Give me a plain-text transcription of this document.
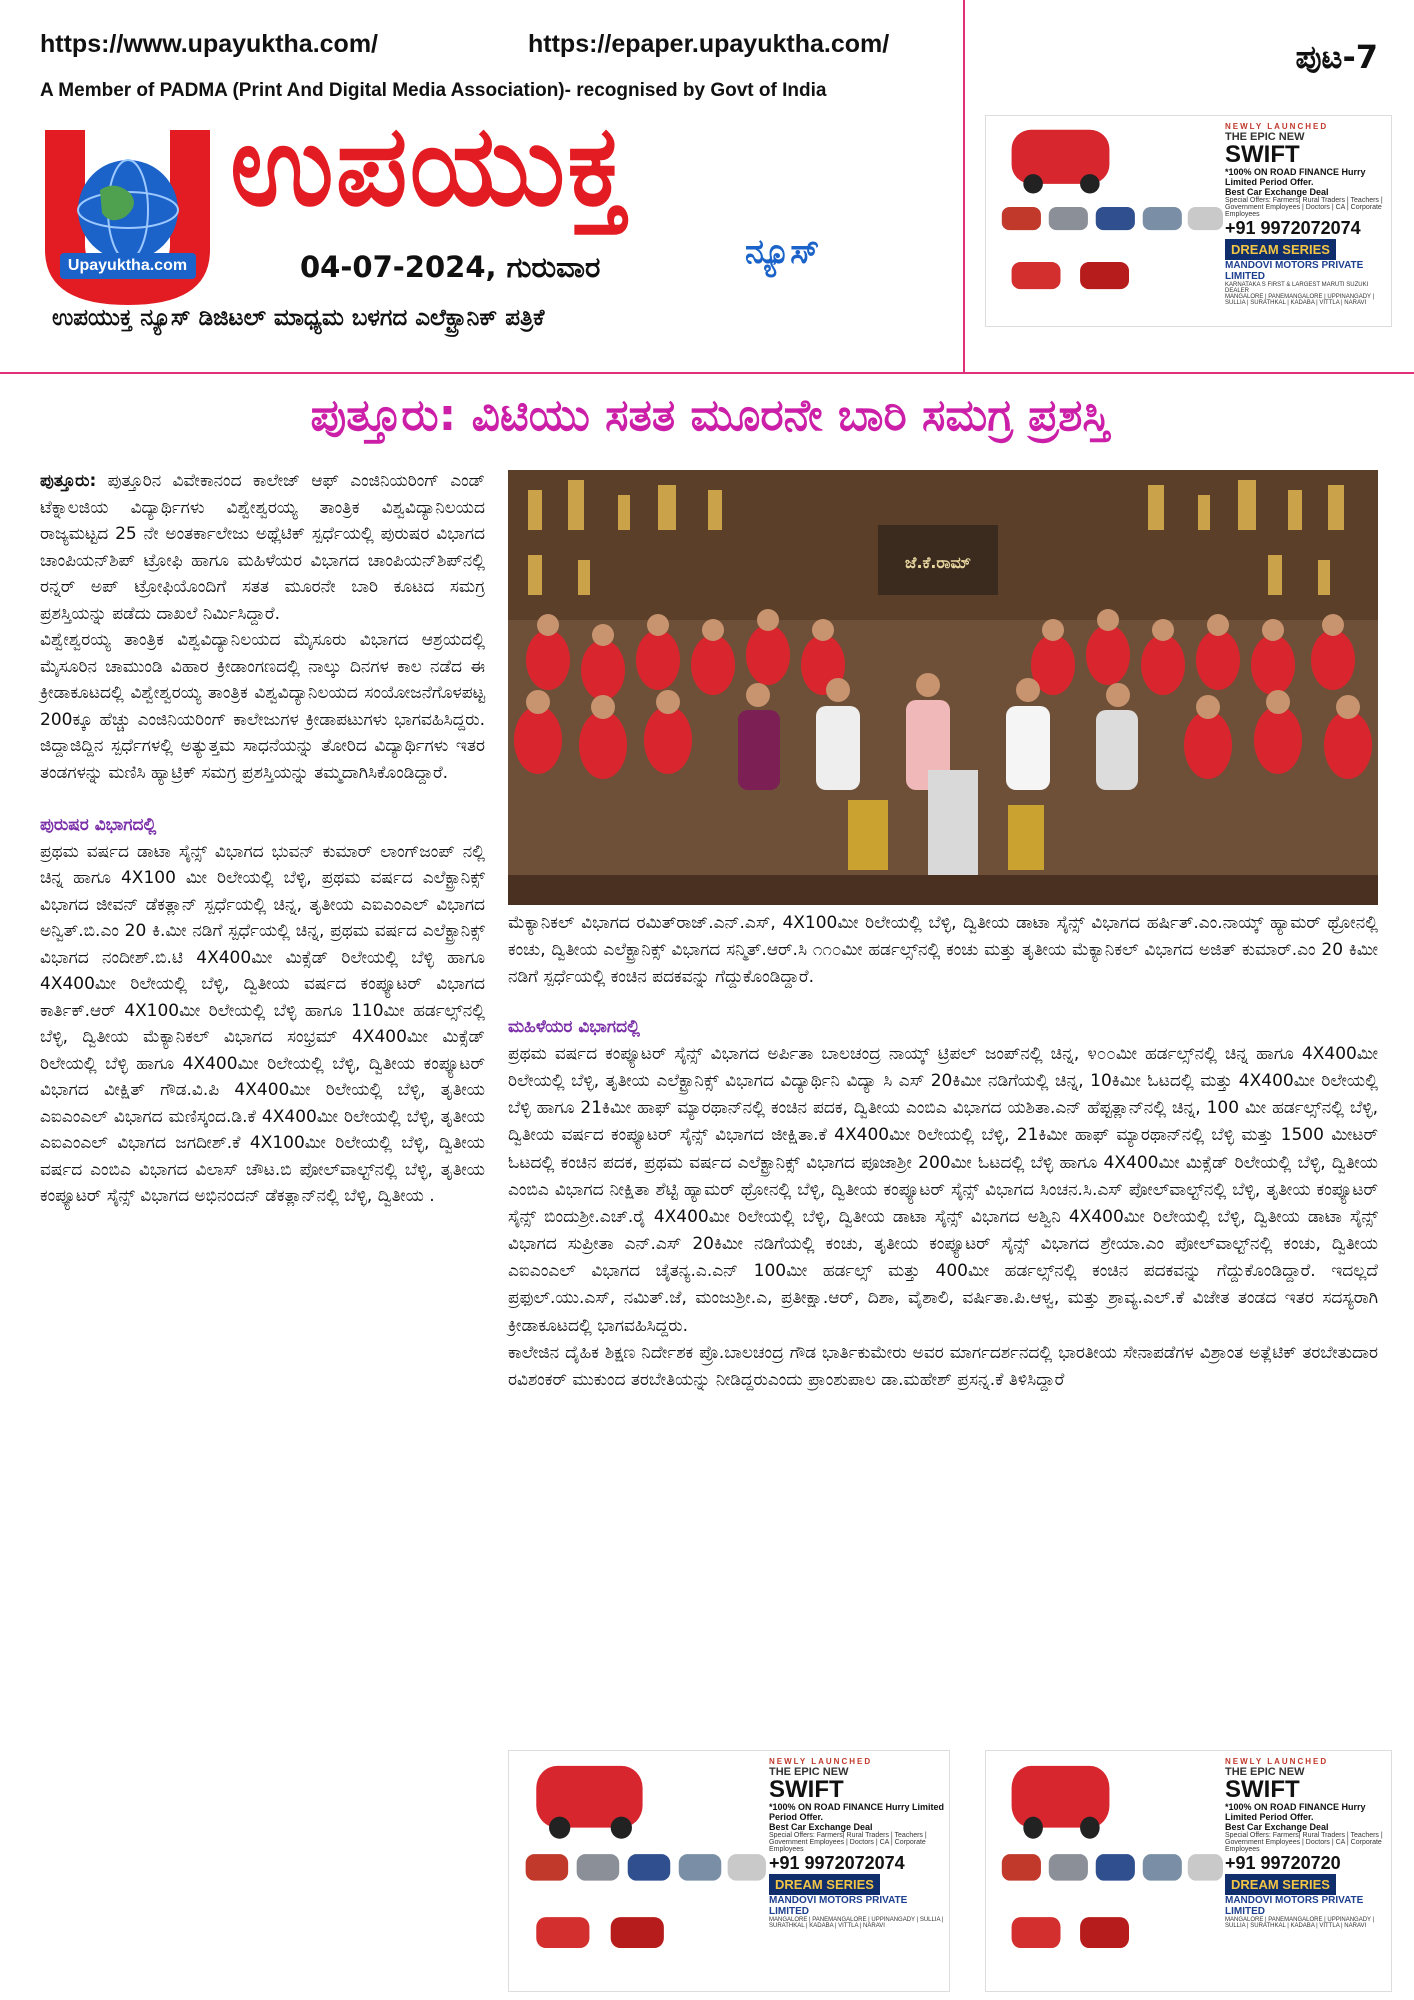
https://www.upayuktha.com/	https://epaper.upayuktha.com/	ಪುಟ-7
A Member of PADMA (Print And Digital Media Association)- recognised by Govt of India
Upayuktha.com
ಉಪಯುಕ್ತ
ನ್ಯೂಸ್
04-07-2024, ಗುರುವಾರ
ಉಪಯುಕ್ತ ನ್ಯೂಸ್ ಡಿಜಿಟಲ್ ಮಾಧ್ಯಮ ಬಳಗದ ಎಲೆಕ್ಟ್ರಾನಿಕ್ ಪತ್ರಿಕೆ
NEWLY LAUNCHED
THE EPIC NEW
SWIFT
*100% ON ROAD FINANCE Hurry Limited Period Offer.
Best Car Exchange Deal
Special Offers: Farmers| Rural Traders | Teachers | Government Employees | Doctors | CA | Corporate Employees
+91 9972072074
DREAM SERIES
MANDOVI MOTORS PRIVATE LIMITED
KARNATAKA S FIRST & LARGEST MARUTI SUZUKI DEALER
MANGALORE | PANEMANGALORE | UPPINANGADY | SULLIA | SURATHKAL | KADABA | VITTLA | NARAVI
ಪುತ್ತೂರು: ವಿಟಿಯು ಸತತ ಮೂರನೇ ಬಾರಿ ಸಮಗ್ರ ಪ್ರಶಸ್ತಿ

ಪುತ್ತೂರು: ಪುತ್ತೂರಿನ ವಿವೇಕಾನಂದ ಕಾಲೇಜ್ ಆಫ್ ಎಂಜಿನಿಯರಿಂಗ್ ಎಂಡ್ ಟೆಕ್ನಾಲಜಿಯ ವಿದ್ಯಾರ್ಥಿಗಳು ವಿಶ್ವೇಶ್ವರಯ್ಯ ತಾಂತ್ರಿಕ ವಿಶ್ವವಿದ್ಯಾನಿಲಯದ ರಾಜ್ಯಮಟ್ಟದ 25 ನೇ ಅಂತರ್ಕಾಲೇಜು ಅಥ್ಲೆಟಿಕ್ ಸ್ಪರ್ಧೆಯಲ್ಲಿ ಪುರುಷರ ವಿಭಾಗದ ಚಾಂಪಿಯನ್‌ಶಿಪ್ ಟ್ರೋಫಿ ಹಾಗೂ ಮಹಿಳೆಯರ ವಿಭಾಗದ ಚಾಂಪಿಯನ್‌ಶಿಪ್‌ನಲ್ಲಿ ರನ್ನರ್ ಅಪ್ ಟ್ರೋಫಿಯೊಂದಿಗೆ ಸತತ ಮೂರನೇ ಬಾರಿ ಕೂಟದ ಸಮಗ್ರ ಪ್ರಶಸ್ತಿಯನ್ನು ಪಡೆದು ದಾಖಲೆ ನಿರ್ಮಿಸಿದ್ದಾರೆ.

ವಿಶ್ವೇಶ್ವರಯ್ಯ ತಾಂತ್ರಿಕ ವಿಶ್ವವಿದ್ಯಾನಿಲಯದ ಮೈಸೂರು ವಿಭಾಗದ ಆಶ್ರಯದಲ್ಲಿ ಮೈಸೂರಿನ ಚಾಮುಂಡಿ ವಿಹಾರ ಕ್ರೀಡಾಂಗಣದಲ್ಲಿ ನಾಲ್ಕು ದಿನಗಳ ಕಾಲ ನಡೆದ ಈ ಕ್ರೀಡಾಕೂಟದಲ್ಲಿ ವಿಶ್ವೇಶ್ವರಯ್ಯ ತಾಂತ್ರಿಕ ವಿಶ್ವವಿದ್ಯಾನಿಲಯದ ಸಂಯೋಜನೆಗೊಳಪಟ್ಟ 200ಕ್ಕೂ ಹೆಚ್ಚು ಎಂಜಿನಿಯರಿಂಗ್ ಕಾಲೇಜುಗಳ ಕ್ರೀಡಾಪಟುಗಳು ಭಾಗವಹಿಸಿದ್ದರು. ಜಿದ್ದಾಜಿದ್ದಿನ ಸ್ಪರ್ಧೆಗಳಲ್ಲಿ ಅತ್ಯುತ್ತಮ ಸಾಧನೆಯನ್ನು ತೋರಿದ ವಿದ್ಯಾರ್ಥಿಗಳು ಇತರ ತಂಡಗಳನ್ನು ಮಣಿಸಿ ಹ್ಯಾಟ್ರಿಕ್ ಸಮಗ್ರ ಪ್ರಶಸ್ತಿಯನ್ನು ತಮ್ಮದಾಗಿಸಿಕೊಂಡಿದ್ದಾರೆ.

ಪುರುಷರ ವಿಭಾಗದಲ್ಲಿ

ಪ್ರಥಮ ವರ್ಷದ ಡಾಟಾ ಸೈನ್ಸ್ ವಿಭಾಗದ ಭುವನ್ ಕುಮಾರ್ ಲಾಂಗ್‌ಜಂಪ್ ನಲ್ಲಿ ಚಿನ್ನ ಹಾಗೂ 4X100 ಮೀ ರಿಲೇಯಲ್ಲಿ ಬೆಳ್ಳಿ, ಪ್ರಥಮ ವರ್ಷದ ಎಲೆಕ್ಟ್ರಾನಿಕ್ಸ್ ವಿಭಾಗದ ಜೀವನ್ ಡೆಕತ್ಲಾನ್ ಸ್ಪರ್ಧೆಯಲ್ಲಿ ಚಿನ್ನ, ತೃತೀಯ ಎಐಎಂಎಲ್ ವಿಭಾಗದ ಅನ್ವಿತ್.ಬಿ.ಎಂ 20 ಕಿ.ಮೀ ನಡಿಗೆ ಸ್ಪರ್ಧೆಯಲ್ಲಿ ಚಿನ್ನ, ಪ್ರಥಮ ವರ್ಷದ ಎಲೆಕ್ಟ್ರಾನಿಕ್ಸ್ ವಿಭಾಗದ ನಂದೀಶ್.ಬಿ.ಟಿ 4X400ಮೀ ಮಿಕ್ಸೆಡ್ ರಿಲೇಯಲ್ಲಿ ಬೆಳ್ಳಿ ಹಾಗೂ 4X400ಮೀ ರಿಲೇಯಲ್ಲಿ ಬೆಳ್ಳಿ, ದ್ವಿತೀಯ ವರ್ಷದ ಕಂಪ್ಯೂಟರ್ ವಿಭಾಗದ ಕಾರ್ತಿಕ್.ಆರ್ 4X100ಮೀ ರಿಲೇಯಲ್ಲಿ ಬೆಳ್ಳಿ ಹಾಗೂ 110ಮೀ ಹರ್ಡಲ್ಸ್‌ನಲ್ಲಿ ಬೆಳ್ಳಿ, ದ್ವಿತೀಯ ಮೆಕ್ಯಾನಿಕಲ್ ವಿಭಾಗದ ಸಂಭ್ರಮ್ 4X400ಮೀ ಮಿಕ್ಸೆಡ್ ರಿಲೇಯಲ್ಲಿ ಬೆಳ್ಳಿ ಹಾಗೂ 4X400ಮೀ ರಿಲೇಯಲ್ಲಿ ಬೆಳ್ಳಿ, ದ್ವಿತೀಯ ಕಂಪ್ಯೂಟರ್ ವಿಭಾಗದ ವೀಕ್ಷಿತ್ ಗೌಡ.ವಿ.ಪಿ 4X400ಮೀ ರಿಲೇಯಲ್ಲಿ ಬೆಳ್ಳಿ, ತೃತೀಯ ಎಐಎಂಎಲ್ ವಿಭಾಗದ ಮಣಿಸ್ಕಂದ.ಡಿ.ಕೆ 4X400ಮೀ ರಿಲೇಯಲ್ಲಿ ಬೆಳ್ಳಿ, ತೃತೀಯ ಎಐಎಂಎಲ್ ವಿಭಾಗದ ಜಗದೀಶ್.ಕೆ 4X100ಮೀ ರಿಲೇಯಲ್ಲಿ ಬೆಳ್ಳಿ, ದ್ವಿತೀಯ ವರ್ಷದ ಎಂಬಿಎ ವಿಭಾಗದ ವಿಲಾಸ್ ಚೌಟ.ಬಿ ಪೋಲ್‌ವಾಲ್ಟ್‌ನಲ್ಲಿ ಬೆಳ್ಳಿ, ತೃತೀಯ ಕಂಪ್ಯೂಟರ್ ಸೈನ್ಸ್ ವಿಭಾಗದ ಅಭಿನಂದನ್ ಡೆಕತ್ಲಾನ್‌ನಲ್ಲಿ ಬೆಳ್ಳಿ, ದ್ವಿತೀಯ .

ಜೆ.ಕೆ.ರಾಮ್

ಮೆಕ್ಯಾನಿಕಲ್ ವಿಭಾಗದ ರಮಿತ್‌ರಾಜ್.ಎನ್.ಎಸ್, 4X100ಮೀ ರಿಲೇಯಲ್ಲಿ ಬೆಳ್ಳಿ, ದ್ವಿತೀಯ ಡಾಟಾ ಸೈನ್ಸ್ ವಿಭಾಗದ ಹರ್ಷಿತ್.ಎಂ.ನಾಯ್ಕ್ ಹ್ಯಾಮರ್ ಥ್ರೋನಲ್ಲಿ ಕಂಚು, ದ್ವಿತೀಯ ಎಲೆಕ್ಟ್ರಾನಿಕ್ಸ್ ವಿಭಾಗದ ಸನ್ಮಿತ್.ಆರ್.ಸಿ ೧೧೦ಮೀ ಹರ್ಡಲ್ಸ್‌ನಲ್ಲಿ ಕಂಚು ಮತ್ತು ತೃತೀಯ ಮೆಕ್ಯಾನಿಕಲ್ ವಿಭಾಗದ ಅಜಿತ್ ಕುಮಾರ್.ಎಂ 20 ಕಿಮೀ ನಡಿಗೆ ಸ್ಪರ್ಧೆಯಲ್ಲಿ ಕಂಚಿನ ಪದಕವನ್ನು ಗೆದ್ದುಕೊಂಡಿದ್ದಾರೆ.

ಮಹಿಳೆಯರ ವಿಭಾಗದಲ್ಲಿ

ಪ್ರಥಮ ವರ್ಷದ ಕಂಪ್ಯೂಟರ್ ಸೈನ್ಸ್ ವಿಭಾಗದ ಅರ್ಪಿತಾ ಬಾಲಚಂದ್ರ ನಾಯ್ಕ್ ಟ್ರಿಪಲ್ ಜಂಪ್‌ನಲ್ಲಿ ಚಿನ್ನ, ೪೦೦ಮೀ ಹರ್ಡಲ್ಸ್‌ನಲ್ಲಿ ಚಿನ್ನ ಹಾಗೂ 4X400ಮೀ ರಿಲೇಯಲ್ಲಿ ಬೆಳ್ಳಿ, ತೃತೀಯ ಎಲೆಕ್ಟ್ರಾನಿಕ್ಸ್ ವಿಭಾಗದ ವಿದ್ಯಾರ್ಥಿನಿ ವಿದ್ಯಾ ಸಿ ಎಸ್ 20ಕಿಮೀ ನಡಿಗೆಯಲ್ಲಿ ಚಿನ್ನ, 10ಕಿಮೀ ಓಟದಲ್ಲಿ ಮತ್ತು 4X400ಮೀ ರಿಲೇಯಲ್ಲಿ ಬೆಳ್ಳಿ ಹಾಗೂ 21ಕಿಮೀ ಹಾಫ್ ಮ್ಯಾರಥಾನ್‌ನಲ್ಲಿ ಕಂಚಿನ ಪದಕ, ದ್ವಿತೀಯ ಎಂಬಿಎ ವಿಭಾಗದ ಯಶಿತಾ.ಎನ್ ಹೆಪ್ಟತ್ಲಾನ್‌ನಲ್ಲಿ ಚಿನ್ನ, 100 ಮೀ ಹರ್ಡಲ್ಸ್‌ನಲ್ಲಿ ಬೆಳ್ಳಿ, ದ್ವಿತೀಯ ವರ್ಷದ ಕಂಪ್ಯೂಟರ್ ಸೈನ್ಸ್ ವಿಭಾಗದ ಜೀಕ್ಷಿತಾ.ಕೆ 4X400ಮೀ ರಿಲೇಯಲ್ಲಿ ಬೆಳ್ಳಿ, 21ಕಿಮೀ ಹಾಫ್ ಮ್ಯಾರಥಾನ್‌ನಲ್ಲಿ ಬೆಳ್ಳಿ ಮತ್ತು 1500 ಮೀಟರ್ ಓಟದಲ್ಲಿ ಕಂಚಿನ ಪದಕ, ಪ್ರಥಮ ವರ್ಷದ ಎಲೆಕ್ಟ್ರಾನಿಕ್ಸ್ ವಿಭಾಗದ ಪೂಜಾಶ್ರೀ 200ಮೀ ಓಟದಲ್ಲಿ ಬೆಳ್ಳಿ ಹಾಗೂ 4X400ಮೀ ಮಿಕ್ಸೆಡ್ ರಿಲೇಯಲ್ಲಿ ಬೆಳ್ಳಿ, ದ್ವಿತೀಯ ಎಂಬಿಎ ವಿಭಾಗದ ನೀಕ್ಷಿತಾ ಶೆಟ್ಟಿ ಹ್ಯಾಮರ್ ಥ್ರೋನಲ್ಲಿ ಬೆಳ್ಳಿ, ದ್ವಿತೀಯ ಕಂಪ್ಯೂಟರ್ ಸೈನ್ಸ್ ವಿಭಾಗದ ಸಿಂಚನ.ಸಿ.ಎಸ್ ಪೋಲ್‌ವಾಲ್ಟ್‌ನಲ್ಲಿ ಬೆಳ್ಳಿ, ತೃತೀಯ ಕಂಪ್ಯೂಟರ್ ಸೈನ್ಸ್ ಬಿಂದುಶ್ರೀ.ಎಚ್.ರೈ 4X400ಮೀ ರಿಲೇಯಲ್ಲಿ ಬೆಳ್ಳಿ, ದ್ವಿತೀಯ ಡಾಟಾ ಸೈನ್ಸ್ ವಿಭಾಗದ ಅಶ್ವಿನಿ 4X400ಮೀ ರಿಲೇಯಲ್ಲಿ ಬೆಳ್ಳಿ, ದ್ವಿತೀಯ ಡಾಟಾ ಸೈನ್ಸ್ ವಿಭಾಗದ ಸುಪ್ರೀತಾ ಎನ್.ಎಸ್ 20ಕಿಮೀ ನಡಿಗೆಯಲ್ಲಿ ಕಂಚು, ತೃತೀಯ ಕಂಪ್ಯೂಟರ್ ಸೈನ್ಸ್ ವಿಭಾಗದ ಶ್ರೇಯಾ.ಎಂ ಪೋಲ್‌ವಾಲ್ಟ್‌ನಲ್ಲಿ ಕಂಚು, ದ್ವಿತೀಯ ಎಐಎಂಎಲ್ ವಿಭಾಗದ ಚೈತನ್ಯ.ಎ.ಎನ್ 100ಮೀ ಹರ್ಡಲ್ಸ್ ಮತ್ತು 400ಮೀ ಹರ್ಡಲ್ಸ್‌ನಲ್ಲಿ ಕಂಚಿನ ಪದಕವನ್ನು ಗೆದ್ದುಕೊಂಡಿದ್ದಾರೆ. ಇದಲ್ಲದೆ ಪ್ರಫುಲ್.ಯು.ಎಸ್, ನಮಿತ್.ಜೆ, ಮಂಜುಶ್ರೀ.ಎ, ಪ್ರತೀಕ್ಷಾ.ಆರ್, ದಿಶಾ, ವೈಶಾಲಿ, ವರ್ಷಿತಾ.ಪಿ.ಆಳ್ವ, ಮತ್ತು ಶ್ರಾವ್ಯ.ಎಲ್.ಕೆ ವಿಜೇತ ತಂಡದ ಇತರ ಸದಸ್ಯರಾಗಿ ಕ್ರೀಡಾಕೂಟದಲ್ಲಿ ಭಾಗವಹಿಸಿದ್ದರು.

ಕಾಲೇಜಿನ ದೈಹಿಕ ಶಿಕ್ಷಣ ನಿರ್ದೇಶಕ ಪ್ರೊ.ಬಾಲಚಂದ್ರ ಗೌಡ ಭಾರ್ತಿಕುಮೇರು ಅವರ ಮಾರ್ಗದರ್ಶನದಲ್ಲಿ ಭಾರತೀಯ ಸೇನಾಪಡೆಗಳ ವಿಶ್ರಾಂತ ಅತ್ಲೆಟಿಕ್ ತರಬೇತುದಾರ ರವಿಶಂಕರ್ ಮುಕುಂದ ತರಬೇತಿಯನ್ನು ನೀಡಿದ್ದರುಎಂದು ಪ್ರಾಂಶುಪಾಲ ಡಾ.ಮಹೇಶ್ ಪ್ರಸನ್ನ.ಕೆ ತಿಳಿಸಿದ್ದಾರೆ

NEWLY LAUNCHED
THE EPIC NEW
SWIFT
*100% ON ROAD FINANCE Hurry Limited Period Offer.
Best Car Exchange Deal
Special Offers: Farmers| Rural Traders | Teachers | Government Employees | Doctors | CA | Corporate Employees
+91 9972072074
DREAM SERIES
MANDOVI MOTORS PRIVATE LIMITED
MANGALORE | PANEMANGALORE | UPPINANGADY | SULLIA | SURATHKAL | KADABA | VITTLA | NARAVI
NEWLY LAUNCHED
THE EPIC NEW
SWIFT
*100% ON ROAD FINANCE Hurry Limited Period Offer.
Best Car Exchange Deal
Special Offers: Farmers| Rural Traders | Teachers | Government Employees | Doctors | CA | Corporate Employees
+91 99720720
DREAM SERIES
MANDOVI MOTORS PRIVATE LIMITED
MANGALORE | PANEMANGALORE | UPPINANGADY | SULLIA | SURATHKAL | KADABA | VITTLA | NARAVI
